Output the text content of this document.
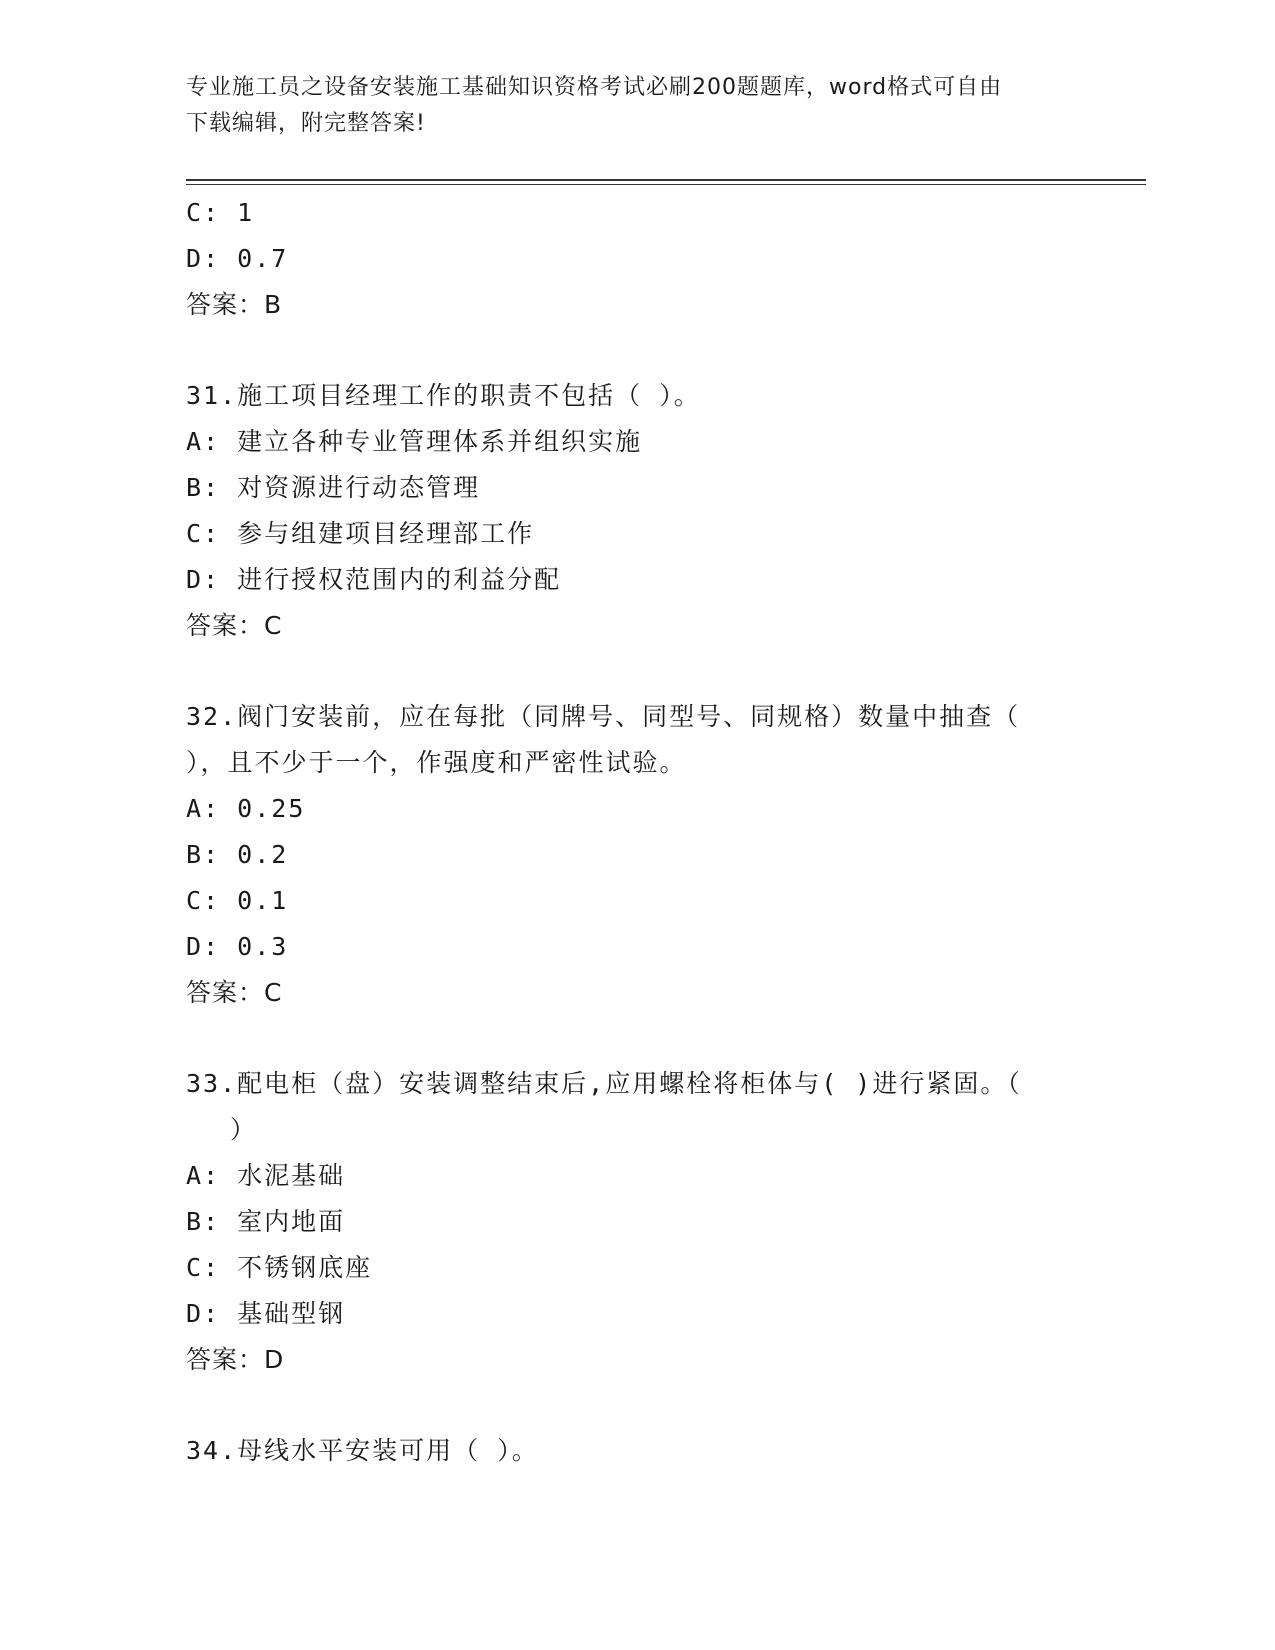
专业施工员之设备安装施工基础知识资格考试必刷200题题库，word格式可自由
下载编辑，附完整答案!
C: 1
D: 0.7
答案：B
31.施工项目经理工作的职责不包括（ ）。
A: 建立各种专业管理体系并组织实施
B: 对资源进行动态管理
C: 参与组建项目经理部工作
D: 进行授权范围内的利益分配
答案：C
32.阀门安装前，应在每批（同牌号、同型号、同规格）数量中抽查（
），且不少于一个，作强度和严密性试验。
A: 0.25
B: 0.2
C: 0.1
D: 0.3
答案：C
33.配电柜（盘）安装调整结束后,应用螺栓将柜体与( )进行紧固。（
）
A: 水泥基础
B: 室内地面
C: 不锈钢底座
D: 基础型钢
答案：D
34.母线水平安装可用（ ）。
